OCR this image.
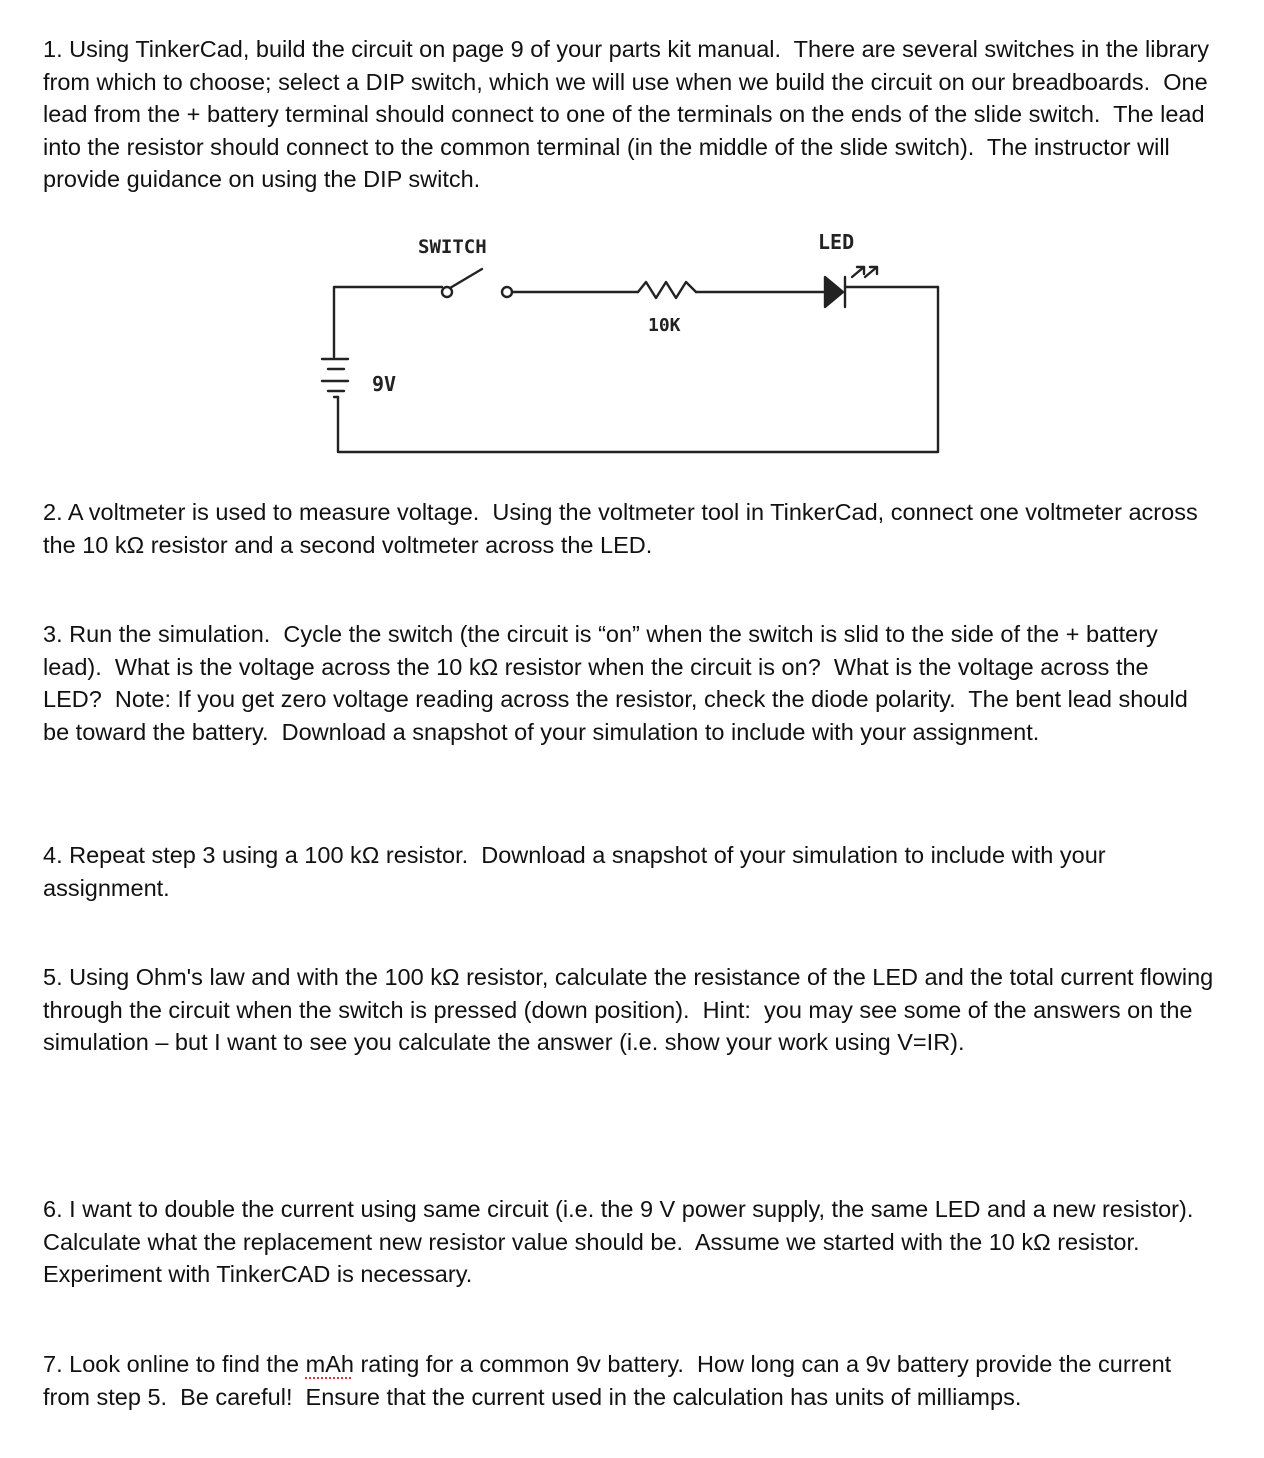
1. Using TinkerCad, build the circuit on page 9 of your parts kit manual.  There are several switches in the library from which to choose; select a DIP switch, which we will use when we build the circuit on our breadboards.  One lead from the + battery terminal should connect to one of the terminals on the ends of the slide switch.  The lead into the resistor should connect to the common terminal (in the middle of the slide switch).  The instructor will provide guidance on using the DIP switch.

SWITCH	LED
10K
9V

2. A voltmeter is used to measure voltage.  Using the voltmeter tool in TinkerCad, connect one voltmeter across the 10 kΩ resistor and a second voltmeter across the LED.

3. Run the simulation.  Cycle the switch (the circuit is “on” when the switch is slid to the side of the + battery lead).  What is the voltage across the 10 kΩ resistor when the circuit is on?  What is the voltage across the LED?  Note: If you get zero voltage reading across the resistor, check the diode polarity.  The bent lead should be toward the battery.  Download a snapshot of your simulation to include with your assignment.

4. Repeat step 3 using a 100 kΩ resistor.  Download a snapshot of your simulation to include with your assignment.

5. Using Ohm's law and with the 100 kΩ resistor, calculate the resistance of the LED and the total current flowing through the circuit when the switch is pressed (down position).  Hint:  you may see some of the answers on the simulation – but I want to see you calculate the answer (i.e. show your work using V=IR).

6. I want to double the current using same circuit (i.e. the 9 V power supply, the same LED and a new resistor).  Calculate what the replacement new resistor value should be.  Assume we started with the 10 kΩ resistor.  Experiment with TinkerCAD is necessary.

7. Look online to find the mAh rating for a common 9v battery.  How long can a 9v battery provide the current from step 5.  Be careful!  Ensure that the current used in the calculation has units of milliamps.
